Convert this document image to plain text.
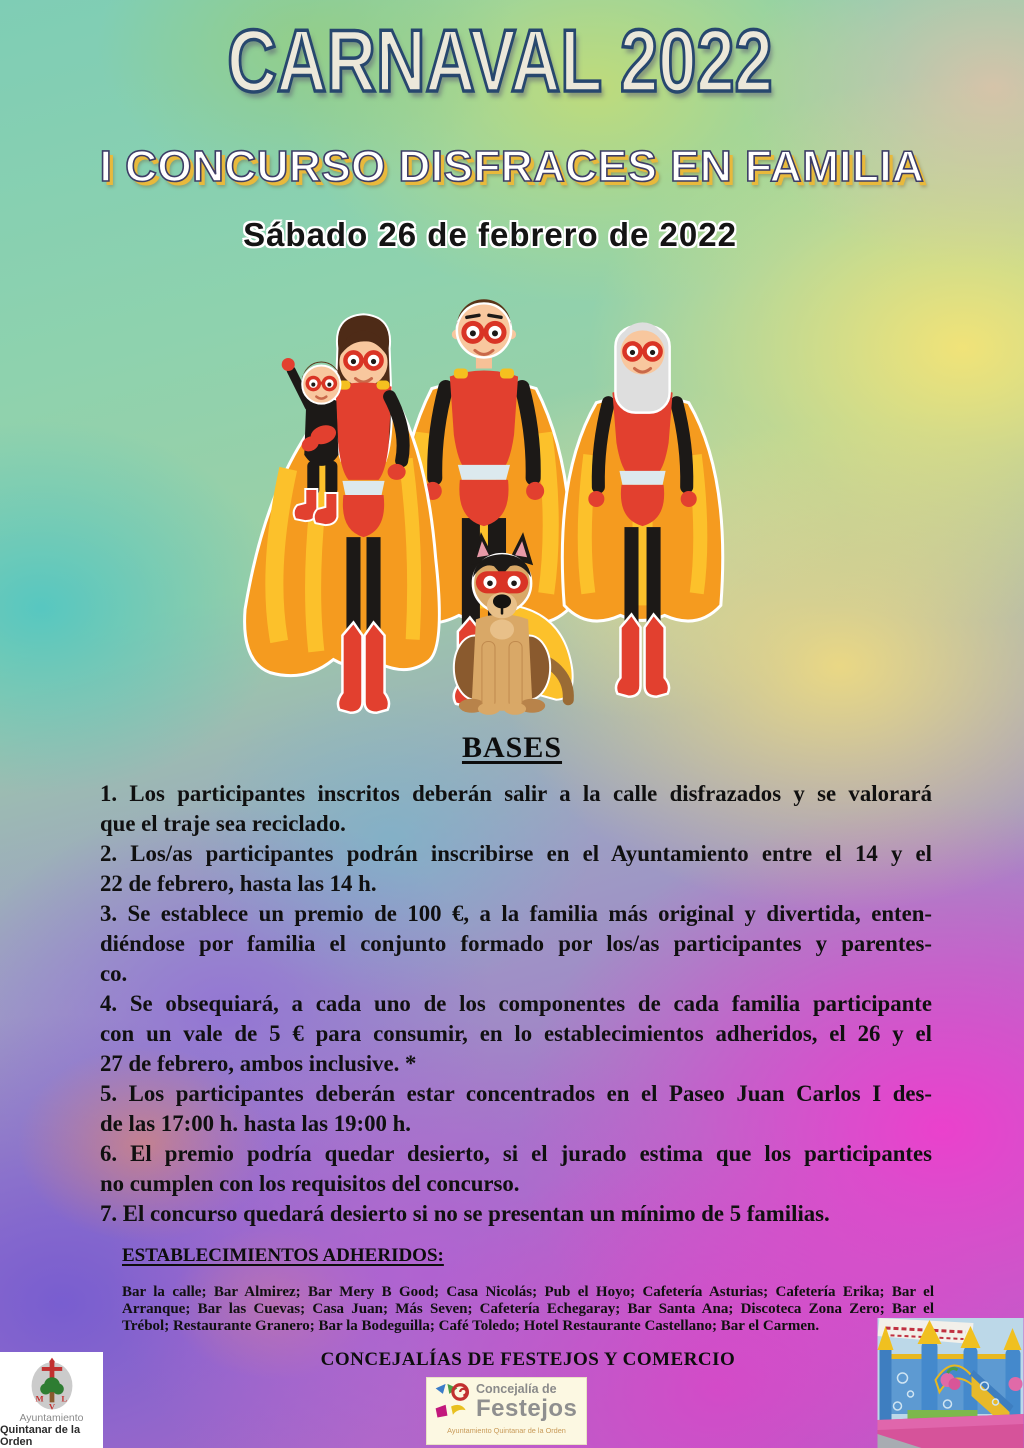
CARNAVAL 2022
I CONCURSO DISFRACES EN FAMILIA
Sábado 26 de febrero de 2022
BASES
1. Los participantes inscritos deberán salir a la calle disfrazados y se valorará
que el traje sea reciclado.
2. Los/as participantes podrán inscribirse en el Ayuntamiento entre el 14 y el
22 de febrero, hasta las 14 h.
3. Se establece un premio de 100 €, a la familia más original y divertida, enten-
diéndose por familia el conjunto formado por los/as participantes y parentes-
co.
4. Se obsequiará, a cada uno de los componentes de cada familia participante
con un vale de 5 € para consumir, en lo establecimientos adheridos, el 26 y el
27 de febrero, ambos inclusive. *
5. Los participantes deberán estar concentrados en el Paseo Juan Carlos I des-
de las 17:00 h. hasta las 19:00 h.
6. El premio podría quedar desierto, si el jurado estima que los participantes
no cumplen con los requisitos del concurso.
7. El concurso quedará desierto si no se presentan un mínimo de 5 familias.
ESTABLECIMIENTOS ADHERIDOS:
Bar la calle; Bar Almirez; Bar Mery B Good; Casa Nicolás; Pub el Hoyo; Cafetería Asturias; Cafetería Erika; Bar el
Arranque; Bar las Cuevas; Casa Juan; Más Seven; Cafetería Echegaray; Bar Santa Ana; Discoteca Zona Zero; Bar el
Trébol; Restaurante Granero; Bar la Bodeguilla; Café Toledo; Hotel Restaurante Castellano; Bar el Carmen.
CONCEJALÍAS DE FESTEJOS Y COMERCIO
M L
V
Ayuntamiento
Quintanar de la Orden
Concejalía de
Festejos
Ayuntamiento Quintanar de la Orden
